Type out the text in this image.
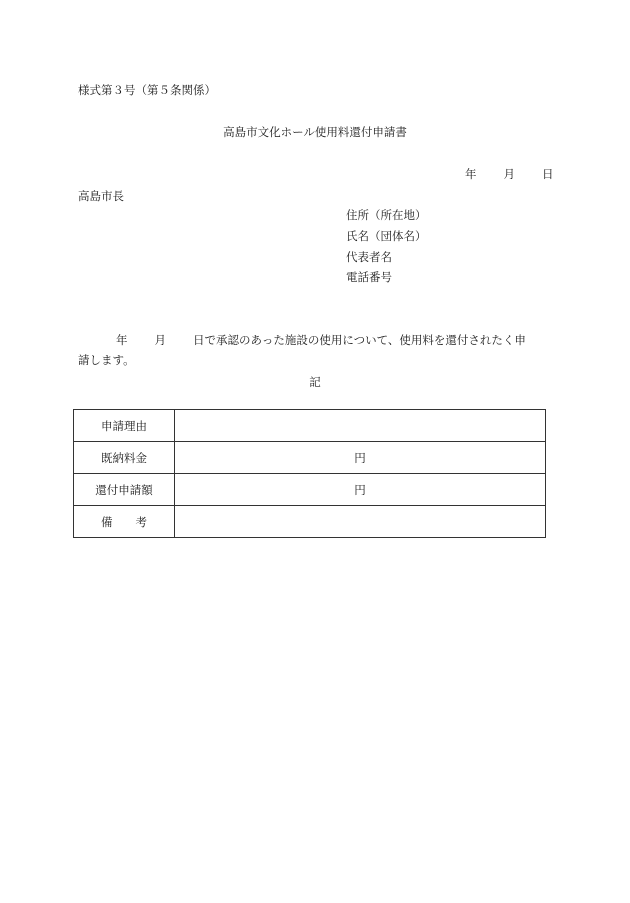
様式第３号（第５条関係）
高島市文化ホール使用料還付申請書
年 月 日
高島市長
住所（所在地）
氏名（団体名）
代表者名
電話番号
年 月 日で承認のあった施設の使用について、使用料を還付されたく申
請します。
記
申請理由	
既納料金	円
還付申請額	円
備　　考	
